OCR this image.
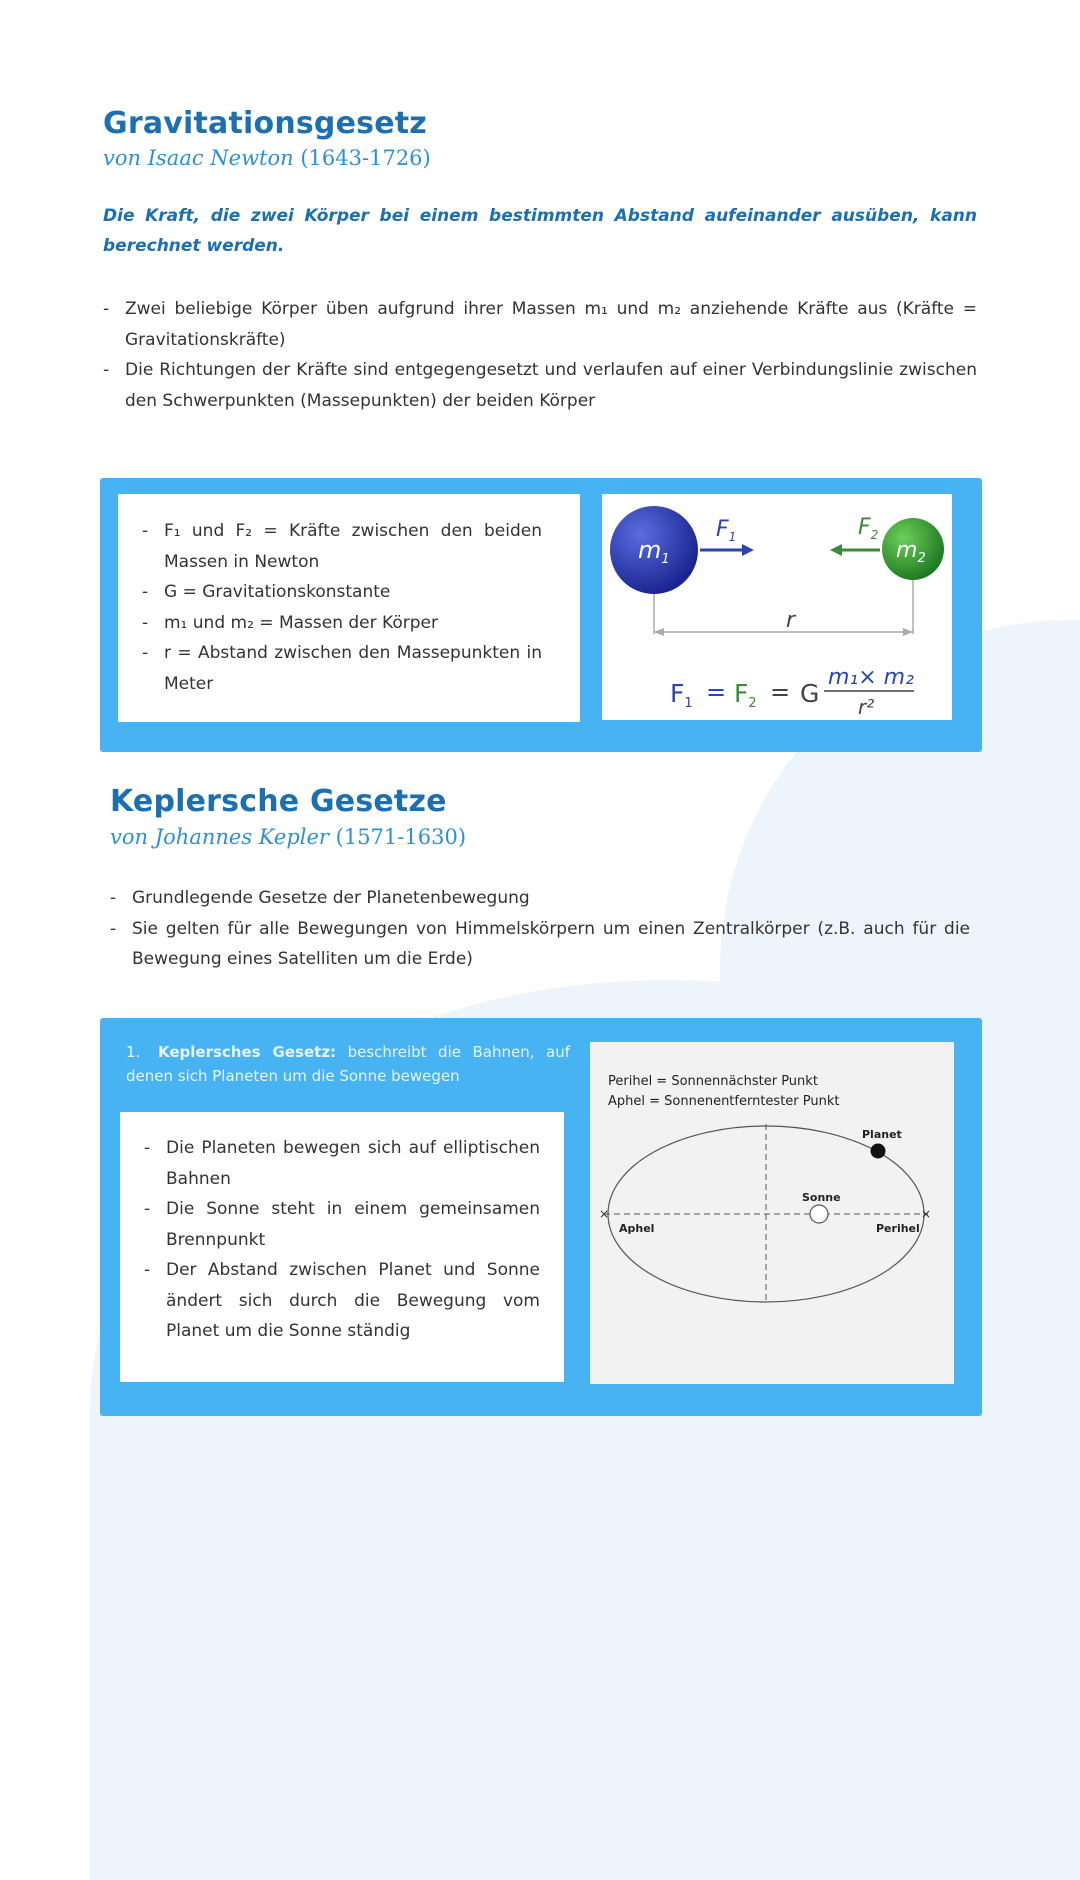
Gravitationsgesetz
von Isaac Newton (1643-1726)
Die Kraft, die zwei Körper bei einem bestimmten Abstand aufeinander ausüben, kann berechnet werden.
- Zwei beliebige Körper üben aufgrund ihrer Massen m₁ und m₂ anziehende Kräfte aus (Kräfte = Gravitationskräfte)
- Die Richtungen der Kräfte sind entgegengesetzt und verlaufen auf einer Verbindungslinie zwischen den Schwerpunkten (Massepunkten) der beiden Körper
- F₁ und F₂ = Kräfte zwischen den beiden Massen in Newton
- G = Gravitationskonstante
- m₁ und m₂ = Massen der Körper
- r = Abstand zwischen den Massepunkten in Meter
$m_1$	$m_2$
$F_1$	$F_2$
r
$F_1 = F_2 = G$
m₁× m₂
r²
Keplersche Gesetze
von Johannes Kepler (1571-1630)
- Grundlegende Gesetze der Planetenbewegung
- Sie gelten für alle Bewegungen von Himmelskörpern um einen Zentralkörper (z.B. auch für die Bewegung eines Satelliten um die Erde)
1. Keplersches Gesetz: beschreibt die Bahnen, auf denen sich Planeten um die Sonne bewegen
- Die Planeten bewegen sich auf elliptischen Bahnen
- Die Sonne steht in einem gemeinsamen Brennpunkt
- Der Abstand zwischen Planet und Sonne ändert sich durch die Bewegung vom Planet um die Sonne ständig
Perihel = Sonnennächster Punkt
Aphel = Sonnenentferntester Punkt
×	×
Planet
Sonne
Aphel	Perihel
